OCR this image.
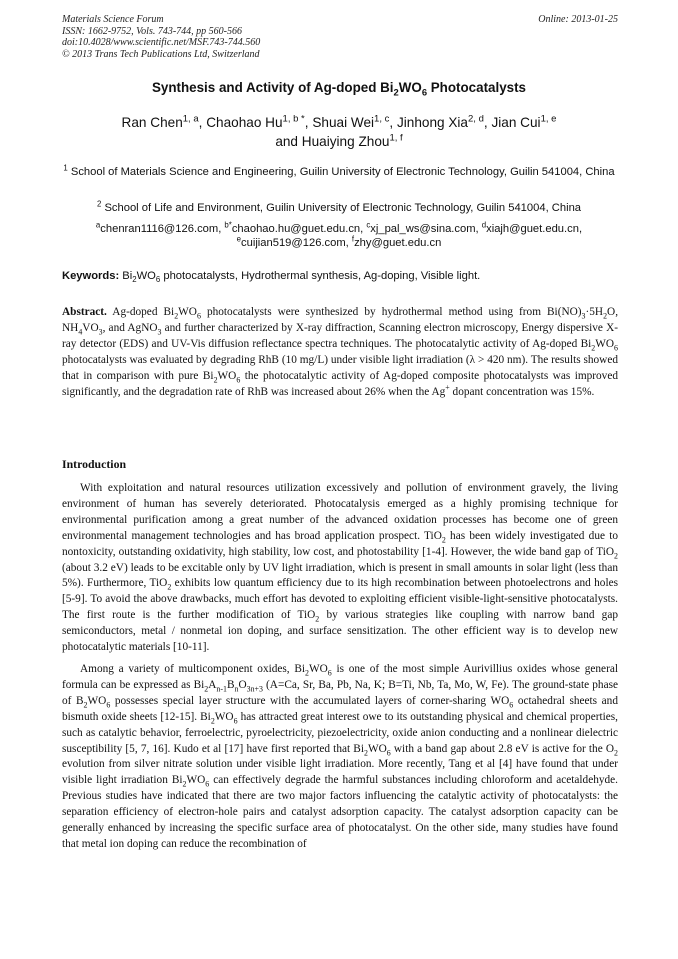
Materials Science Forum
ISSN: 1662-9752, Vols. 743-744, pp 560-566
doi:10.4028/www.scientific.net/MSF.743-744.560
© 2013 Trans Tech Publications Ltd, Switzerland
Online: 2013-01-25
Synthesis and Activity of Ag-doped $Bi_2WO_6$ Photocatalysts
Ran Chen$^{1, a}$, Chaohao $Hu^{1, b *}$, Shuai Wei$^{1, c}$, Jinhong Xia$^{2, d}$, Jian Cui$^{1, e}$
and Huaiying Zhou$^{1, f}$
$^1$ School of Materials Science and Engineering, Guilin University of Electronic Technology, Guilin 541004, China
$^2$ School of Life and Environment, Guilin University of Electronic Technology, Guilin 541004, China
$^a$chenran1116@126.com, $^{b*}$chaohao.hu@guet.edu.cn, $^c$xj_pal_ws@sina.com, $^d$xiajh@guet.edu.cn,
$^e$cuijian519@126.com, $^f$zhy@guet.edu.cn
Keywords: $Bi_2WO_6$ photocatalysts, Hydrothermal synthesis, Ag-doping, Visible light.
Abstract. Ag-doped $Bi_2WO_6$ photocatalysts were synthesized by hydrothermal method using from $Bi(NO)_3\cdot 5H_2O$, $NH_4VO_3$, and AgNO$_3$ and further characterized by X-ray diffraction, Scanning electron microscopy, Energy dispersive X-ray detector (EDS) and UV-Vis diffusion reflectance spectra techniques. The photocatalytic activity of Ag-doped $Bi_2WO_6$ photocatalysts was evaluated by degrading RhB (10 mg/L) under visible light irradiation (λ > 420 nm). The results showed that in comparison with pure $Bi_2WO_6$ the photocatalytic activity of Ag-doped composite photocatalysts was improved significantly, and the degradation rate of RhB was increased about 26% when the Ag+ dopant concentration was 15%.
Introduction
With exploitation and natural resources utilization excessively and pollution of environment gravely, the living environment of human has severely deteriorated. Photocatalysis emerged as a highly promising technique for environmental purification among a great number of the advanced oxidation processes has become one of green environmental management technologies and has broad application prospect. TiO$_2$ has been widely investigated due to nontoxicity, outstanding oxidativity, high stability, low cost, and photostability [1-4]. However, the wide band gap of TiO$_2$ (about 3.2 eV) leads to be excitable only by UV light irradiation, which is present in small amounts in solar light (less than 5%). Furthermore, TiO$_2$ exhibits low quantum efficiency due to its high recombination between photoelectrons and holes [5-9]. To avoid the above drawbacks, much effort has devoted to exploiting efficient visible-light-sensitive photocatalysts. The first route is the further modification of TiO$_2$ by various strategies like coupling with narrow band gap semiconductors, metal / nonmetal ion doping, and surface sensitization. The other efficient way is to develop new photocatalytic materials [10-11].
Among a variety of multicomponent oxides, $Bi_2WO_6$ is one of the most simple Aurivillius oxides whose general formula can be expressed as $Bi_2A_{n-1}B_nO_{3n+3}$ (A=Ca, Sr, Ba, Pb, Na, K; B=Ti, Nb, Ta, Mo, W, Fe). The ground-state phase of $B_2WO_6$ possesses special layer structure with the accumulated layers of corner-sharing $WO_6$ octahedral sheets and bismuth oxide sheets [12-15]. $Bi_2WO_6$ has attracted great interest owe to its outstanding physical and chemical properties, such as catalytic behavior, ferroelectric, pyroelectricity, piezoelectricity, oxide anion conducting and a nonlinear dielectric susceptibility [5, 7, 16]. Kudo et al [17] have first reported that $Bi_2WO_6$ with a band gap about 2.8 eV is active for the $O_2$ evolution from silver nitrate solution under visible light irradiation. More recently, Tang et al [4] have found that under visible light irradiation $Bi_2WO_6$ can effectively degrade the harmful substances including chloroform and acetaldehyde. Previous studies have indicated that there are two major factors influencing the catalytic activity of photocatalysts: the separation efficiency of electron-hole pairs and catalyst adsorption capacity. The catalyst adsorption capacity can be generally enhanced by increasing the specific surface area of photocatalyst. On the other side, many studies have found that metal ion doping can reduce the recombination of
